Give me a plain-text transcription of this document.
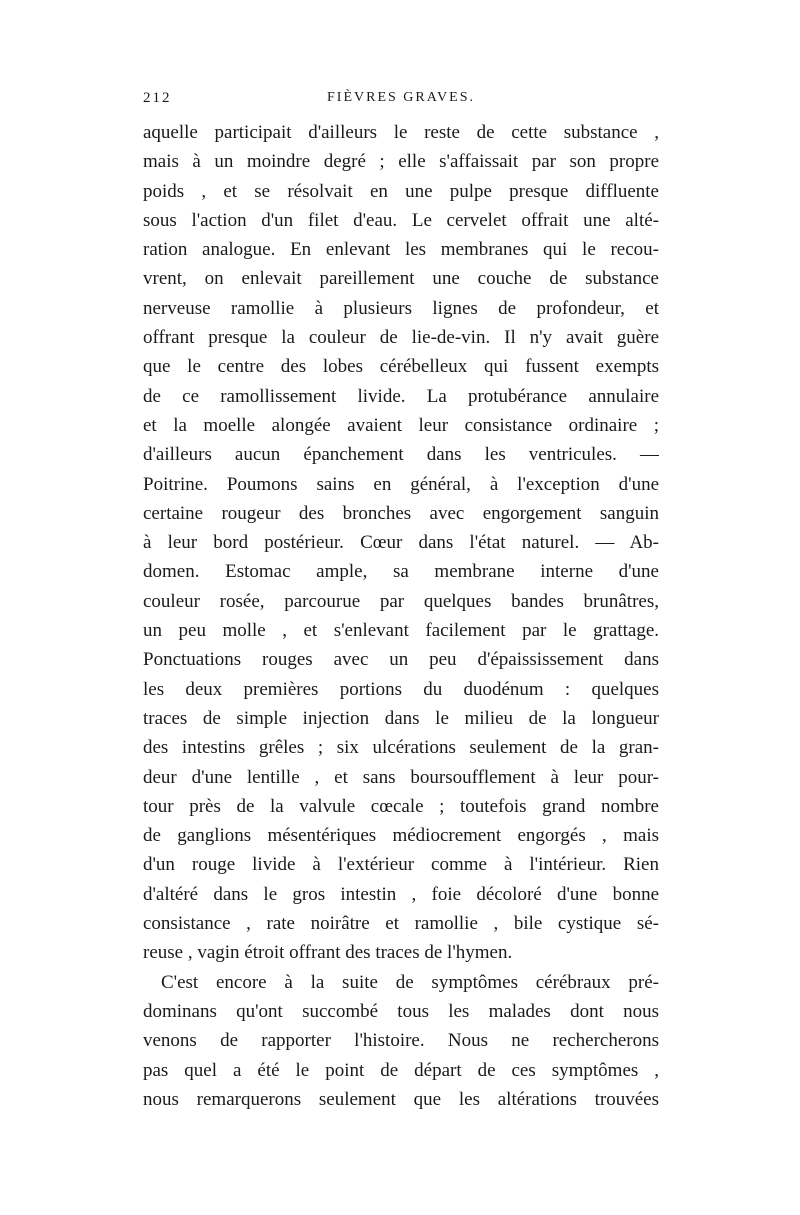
212	FIÈVRES GRAVES.
aquelle participait d'ailleurs le reste de cette substance ,
mais à un moindre degré ; elle s'affaissait par son propre
poids , et se résolvait en une pulpe presque diffluente
sous l'action d'un filet d'eau. Le cervelet offrait une alté-
ration analogue. En enlevant les membranes qui le recou-
vrent, on enlevait pareillement une couche de substance
nerveuse ramollie à plusieurs lignes de profondeur, et
offrant presque la couleur de lie-de-vin. Il n'y avait guère
que le centre des lobes cérébelleux qui fussent exempts
de ce ramollissement livide. La protubérance annulaire
et la moelle alongée avaient leur consistance ordinaire ;
d'ailleurs aucun épanchement dans les ventricules. —
Poitrine. Poumons sains en général, à l'exception d'une
certaine rougeur des bronches avec engorgement sanguin
à leur bord postérieur. Cœur dans l'état naturel. — Ab-
domen. Estomac ample, sa membrane interne d'une
couleur rosée, parcourue par quelques bandes brunâtres,
un peu molle , et s'enlevant facilement par le grattage.
Ponctuations rouges avec un peu d'épaississement dans
les deux premières portions du duodénum : quelques
traces de simple injection dans le milieu de la longueur
des intestins grêles ; six ulcérations seulement de la gran-
deur d'une lentille , et sans boursoufflement à leur pour-
tour près de la valvule cœcale ; toutefois grand nombre
de ganglions mésentériques médiocrement engorgés , mais
d'un rouge livide à l'extérieur comme à l'intérieur. Rien
d'altéré dans le gros intestin , foie décoloré d'une bonne
consistance , rate noirâtre et ramollie , bile cystique sé-
reuse , vagin étroit offrant des traces de l'hymen.
C'est encore à la suite de symptômes cérébraux pré-
dominans qu'ont succombé tous les malades dont nous
venons de rapporter l'histoire. Nous ne rechercherons
pas quel a été le point de départ de ces symptômes ,
nous remarquerons seulement que les altérations trouvées
